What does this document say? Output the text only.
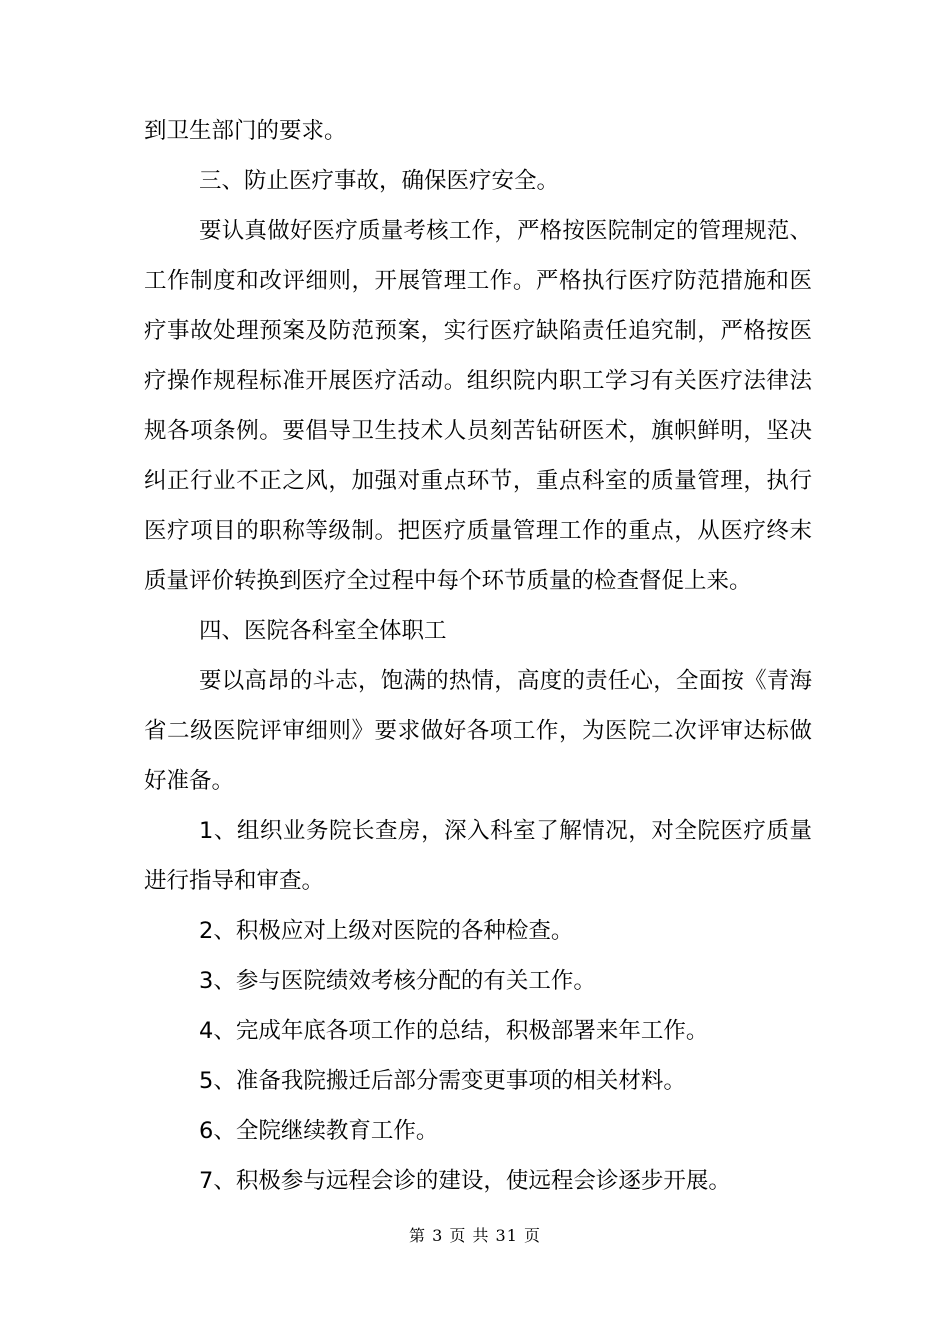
到卫生部门的要求。

三、防止医疗事故，确保医疗安全。

要认真做好医疗质量考核工作，严格按医院制定的管理规范、工作制度和改评细则，开展管理工作。严格执行医疗防范措施和医疗事故处理预案及防范预案，实行医疗缺陷责任追究制，严格按医疗操作规程标准开展医疗活动。组织院内职工学习有关医疗法律法规各项条例。要倡导卫生技术人员刻苦钻研医术，旗帜鲜明，坚决纠正行业不正之风，加强对重点环节，重点科室的质量管理，执行医疗项目的职称等级制。把医疗质量管理工作的重点，从医疗终末质量评价转换到医疗全过程中每个环节质量的检查督促上来。

四、医院各科室全体职工

要以高昂的斗志，饱满的热情，高度的责任心，全面按《青海省二级医院评审细则》要求做好各项工作，为医院二次评审达标做好准备。

1、组织业务院长查房，深入科室了解情况，对全院医疗质量进行指导和审查。

2、积极应对上级对医院的各种检查。

3、参与医院绩效考核分配的有关工作。

4、完成年底各项工作的总结，积极部署来年工作。

5、准备我院搬迁后部分需变更事项的相关材料。

6、全院继续教育工作。

7、积极参与远程会诊的建设，使远程会诊逐步开展。

第 3 页 共 31 页
